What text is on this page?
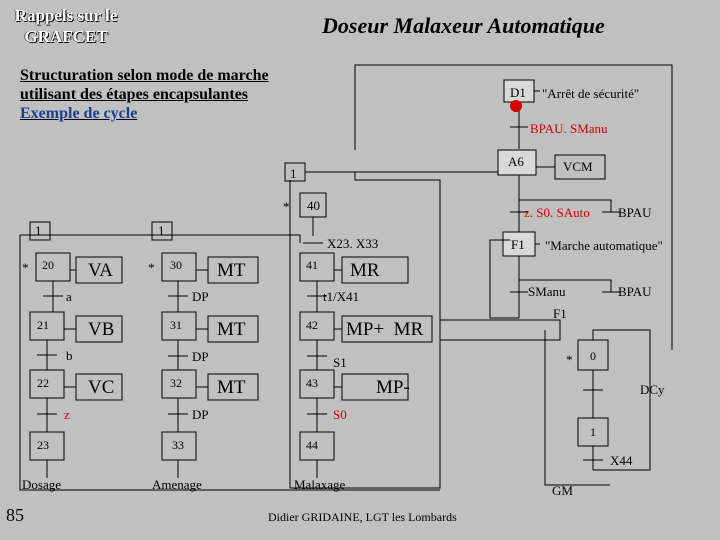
Rappels sur le
GRAFCET	Doseur Malaxeur Automatique
Structuration selon mode de marche
utilisant des étapes encapsulantes
Exemple de cycle
D1 "Arrêt de sécurité"
BPAU. SManu
A6	VCM
z. S0. SAuto BPAU
F1 "Marche automatique"
SManu	BPAU
F1
1
* 40
X23. X33
1	1
* 20 VA
a
21 VB
b
22 VC
z
23
Dosage
* 30 MT
DP
31 MT
DP
32 MT
DP
33
Amenage
41 MR
t1/X41
42 MP+  MR
S1
43	MP-
S0
44
Malaxage
* 0
DCy
1
X44
GM
85	Didier GRIDAINE, LGT les Lombards
